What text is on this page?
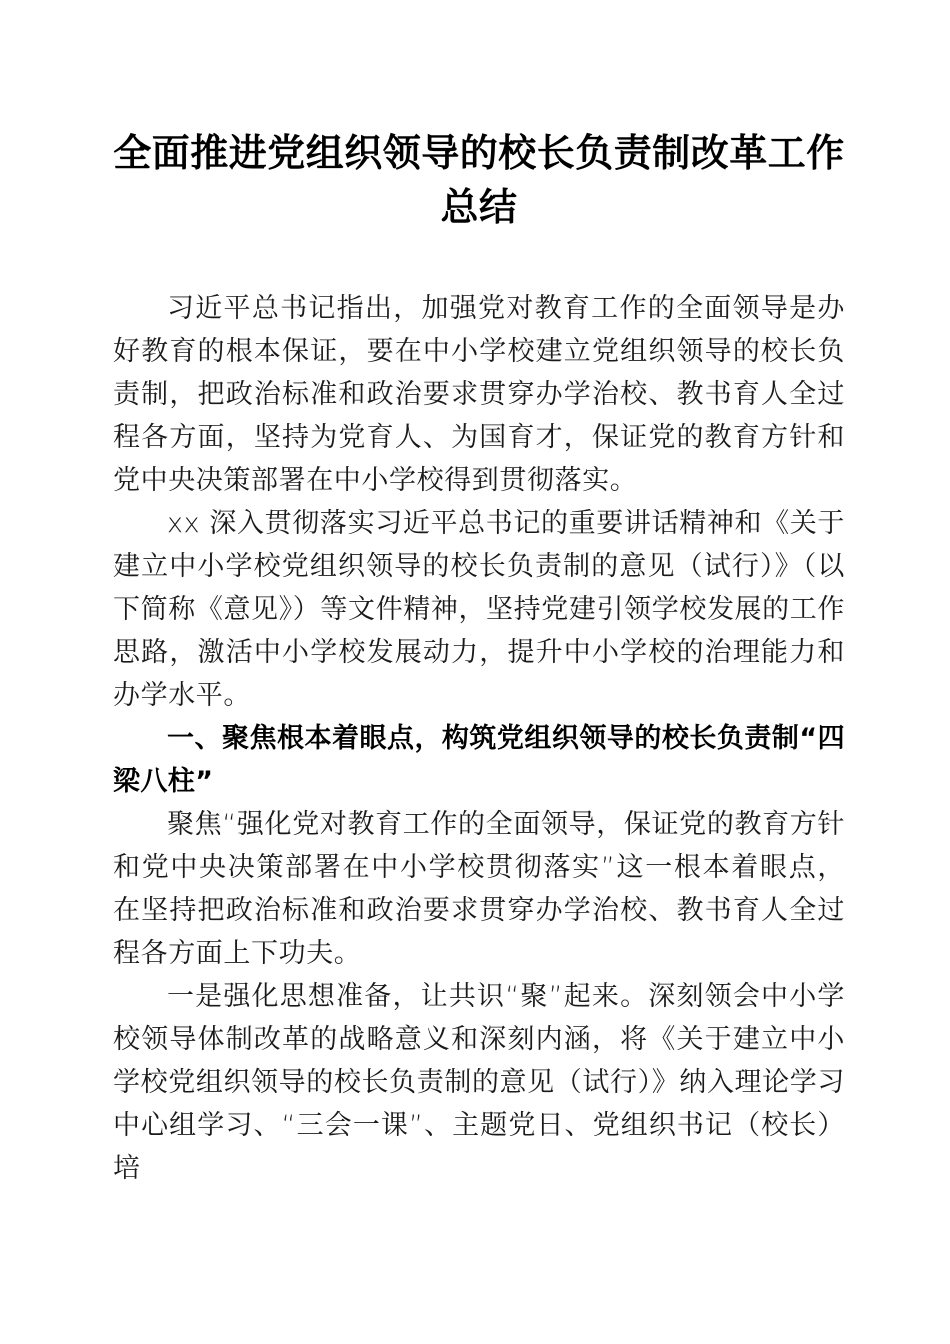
全面推进党组织领导的校长负责制改革工作总结

习近平总书记指出，加强党对教育工作的全面领导是办好教育的根本保证，要在中小学校建立党组织领导的校长负责制，把政治标准和政治要求贯穿办学治校、教书育人全过程各方面，坚持为党育人、为国育才，保证党的教育方针和党中央决策部署在中小学校得到贯彻落实。

xx 深入贯彻落实习近平总书记的重要讲话精神和《关于建立中小学校党组织领导的校长负责制的意见（试行）》（以下简称《意见》）等文件精神，坚持党建引领学校发展的工作思路，激活中小学校发展动力，提升中小学校的治理能力和办学水平。

一、聚焦根本着眼点，构筑党组织领导的校长负责制“四梁八柱”

聚焦“强化党对教育工作的全面领导，保证党的教育方针和党中央决策部署在中小学校贯彻落实”这一根本着眼点，在坚持把政治标准和政治要求贯穿办学治校、教书育人全过程各方面上下功夫。

一是强化思想准备，让共识“聚”起来。深刻领会中小学校领导体制改革的战略意义和深刻内涵，将《关于建立中小学校党组织领导的校长负责制的意见（试行）》纳入理论学习中心组学习、“三会一课”、主题党日、党组织书记（校长）培
